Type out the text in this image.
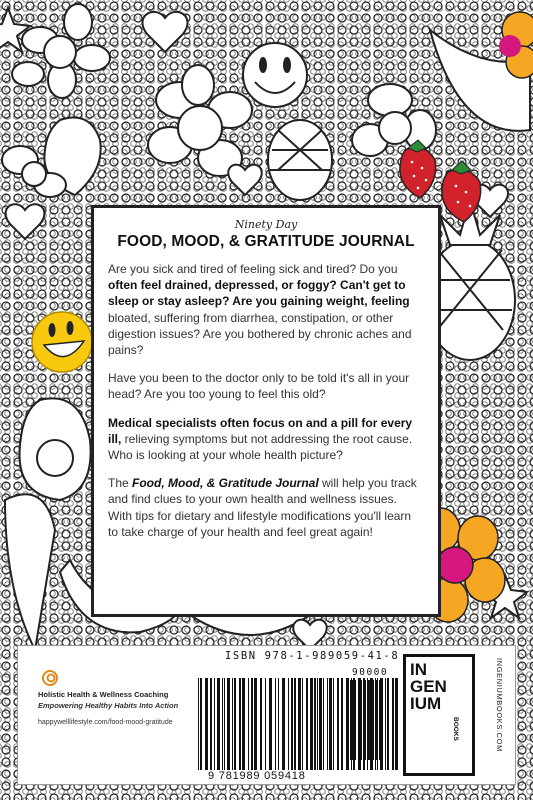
Ninety Day
FOOD, MOOD, & GRATITUDE JOURNAL

Are you sick and tired of feeling sick and tired? Do you often feel drained, depressed, or foggy? Can't get to sleep or stay asleep? Are you gaining weight, feeling bloated, suffering from diarrhea, constipation, or other digestion issues? Are you bothered by chronic aches and pains?

Have you been to the doctor only to be told it's all in your head? Are you too young to feel this old?

Medical specialists often focus on and a pill for every ill, relieving symptoms but not addressing the root cause. Who is looking at your whole health picture?

The Food, Mood, & Gratitude Journal will help you track and find clues to your own health and wellness issues. With tips for dietary and lifestyle modifications you'll learn to take charge of your health and feel great again!

Holistic Health & Wellness Coaching
Empowering Healthy Habits Into Action
happywelllifestyle.com/food-mood-gratitude
ISBN 978-1-989059-41-8
90000
9 781989 059418
IN
GEN
IUM
BOOKS	INGENIUMBOOKS.COM
